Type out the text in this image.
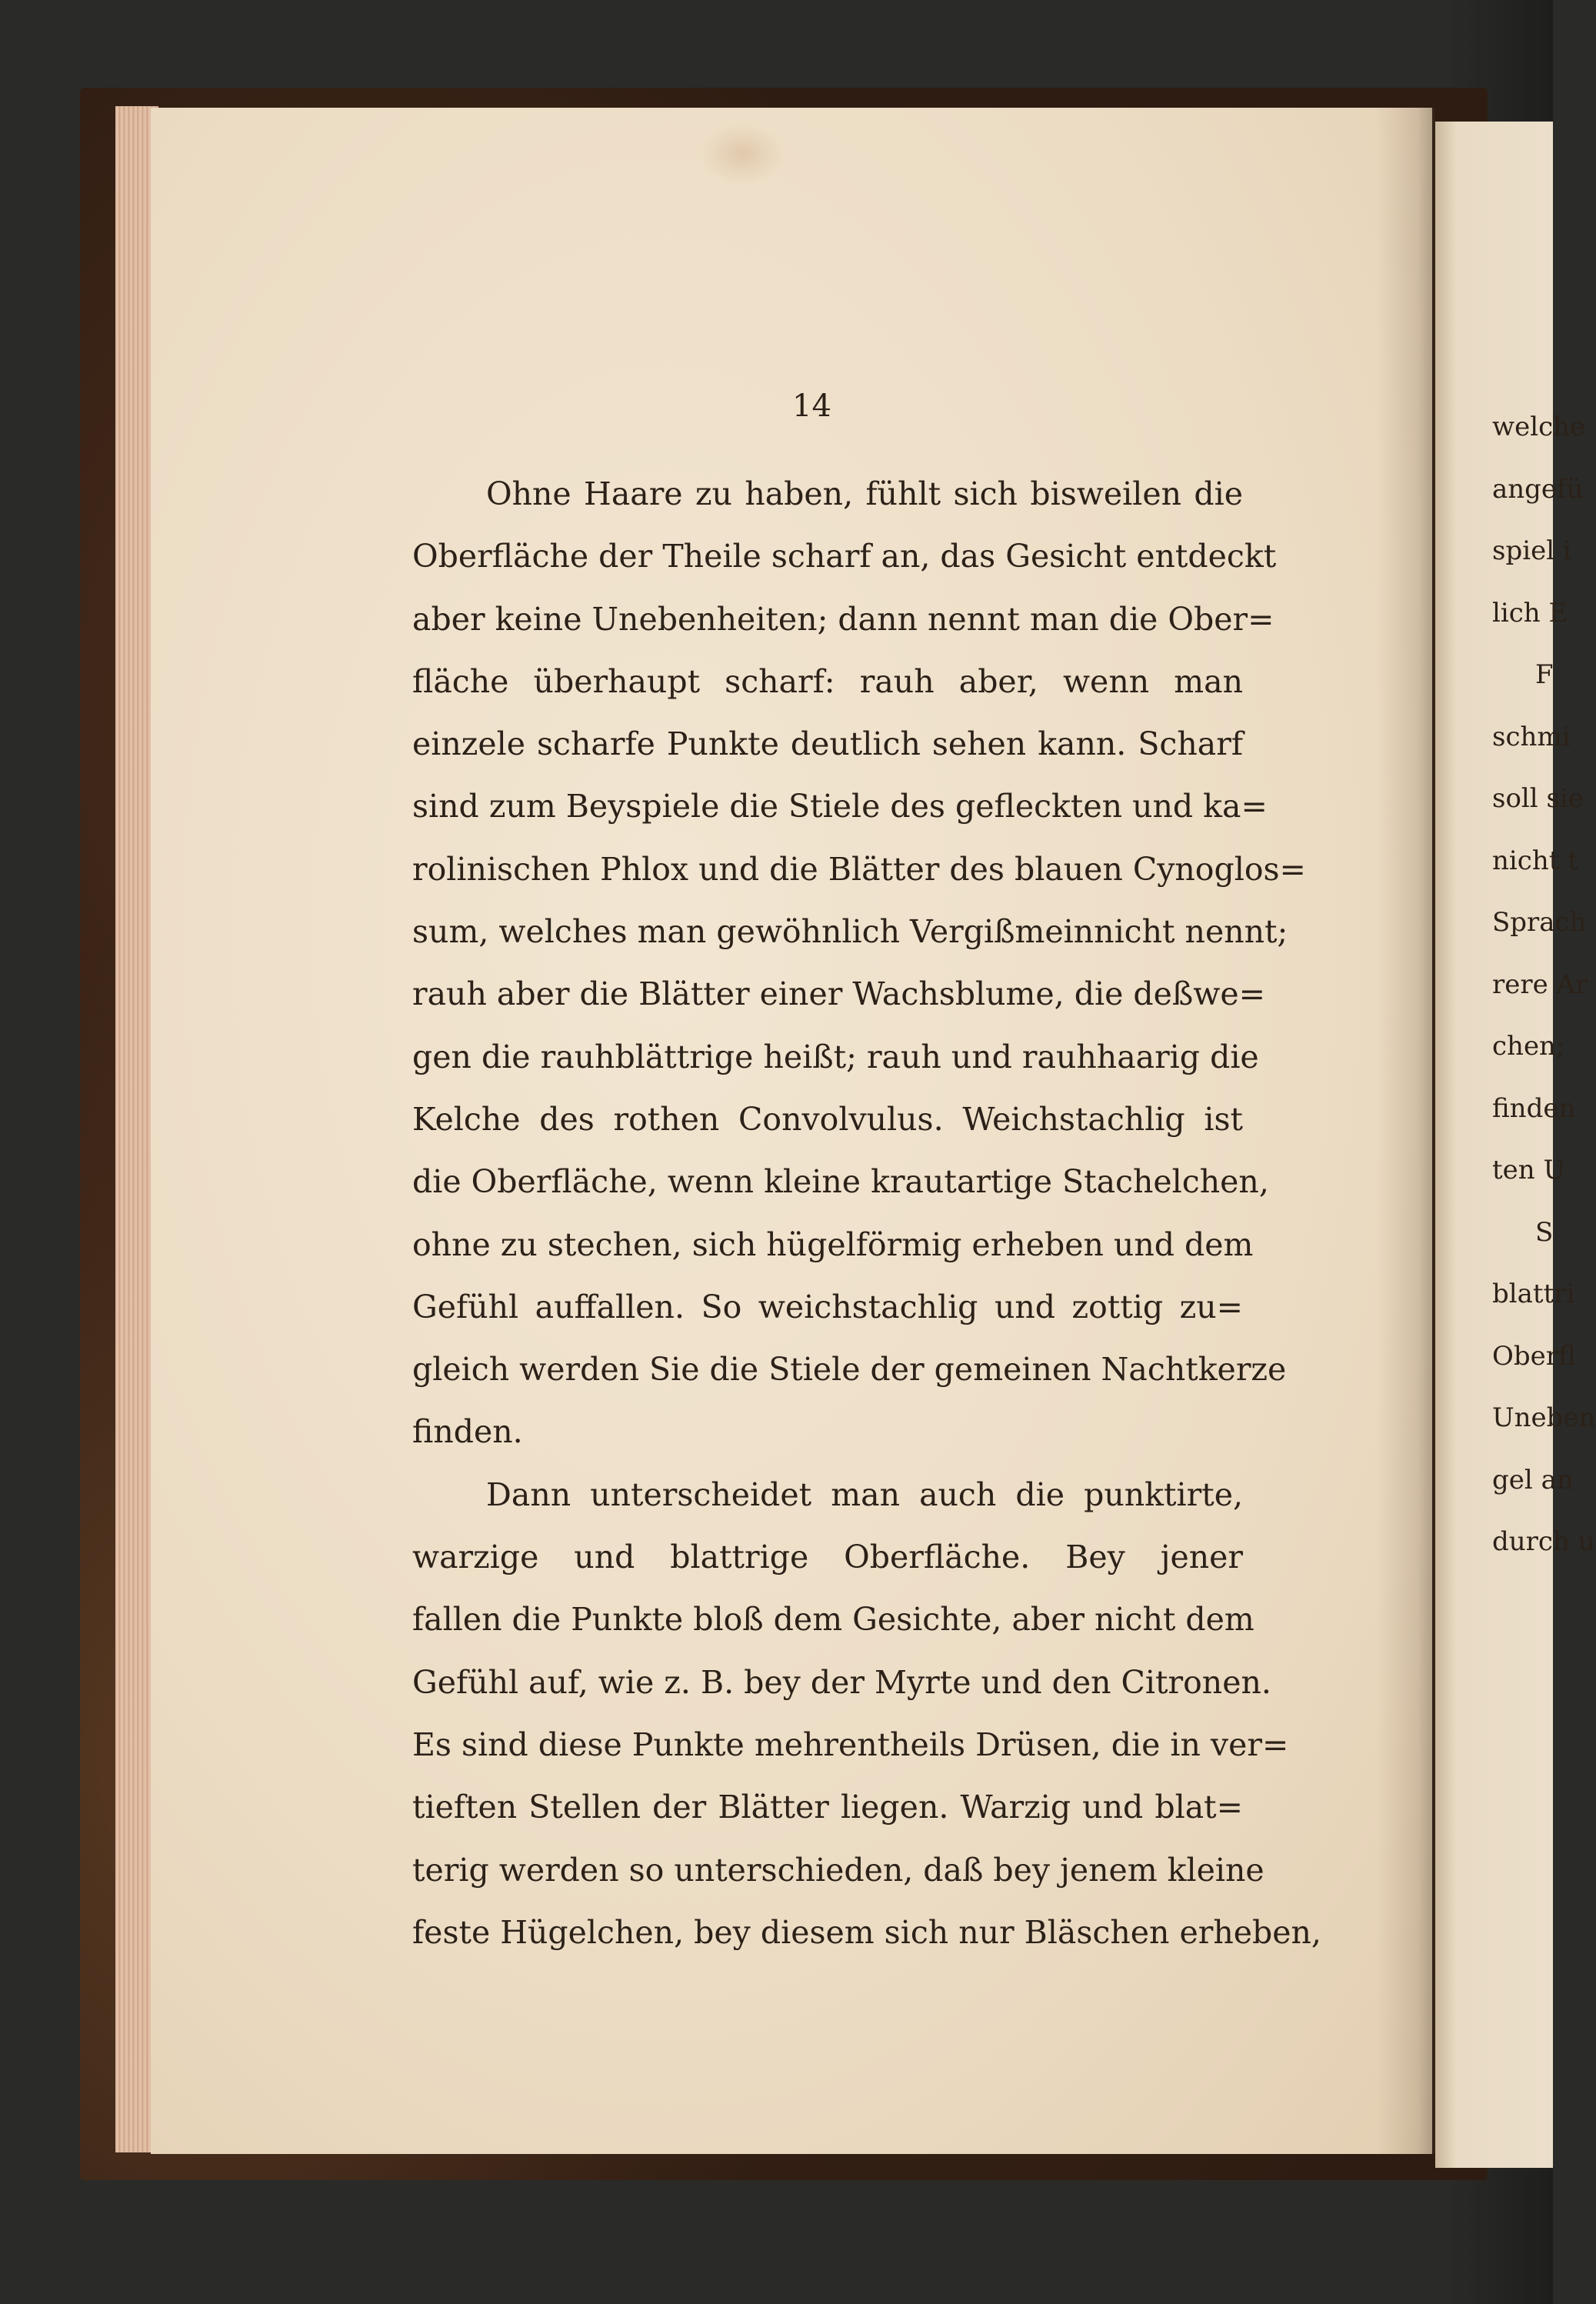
14
Ohne Haare zu haben, fühlt sich bisweilen die
Oberfläche der Theile scharf an, das Gesicht entdeckt
aber keine Unebenheiten; dann nennt man die Ober=
fläche überhaupt scharf: rauh aber, wenn man
einzele scharfe Punkte deutlich sehen kann. Scharf
sind zum Beyspiele die Stiele des gefleckten und ka=
rolinischen Phlox und die Blätter des blauen Cynoglos=
sum, welches man gewöhnlich Vergißmeinnicht nennt;
rauh aber die Blätter einer Wachsblume, die deßwe=
gen die rauhblättrige heißt; rauh und rauhhaarig die
Kelche des rothen Convolvulus. Weichstachlig ist
die Oberfläche, wenn kleine krautartige Stachelchen,
ohne zu stechen, sich hügelförmig erheben und dem
Gefühl auffallen. So weichstachlig und zottig zu=
gleich werden Sie die Stiele der gemeinen Nachtkerze
finden.
Dann unterscheidet man auch die punktirte,
warzige und blattrige Oberfläche. Bey jener
fallen die Punkte bloß dem Gesichte, aber nicht dem
Gefühl auf, wie z. B. bey der Myrte und den Citronen.
Es sind diese Punkte mehrentheils Drüsen, die in ver=
tieften Stellen der Blätter liegen. Warzig und blat=
terig werden so unterschieden, daß bey jenem kleine
feste Hügelchen, bey diesem sich nur Bläschen erheben,
welche
angefü
spiel i
lich E
F
schmi
soll sie
nicht t
Sprach
rere Ar
chen;
finden
ten U
S
blattri
Oberfl
Uneben
gel an
durch u
